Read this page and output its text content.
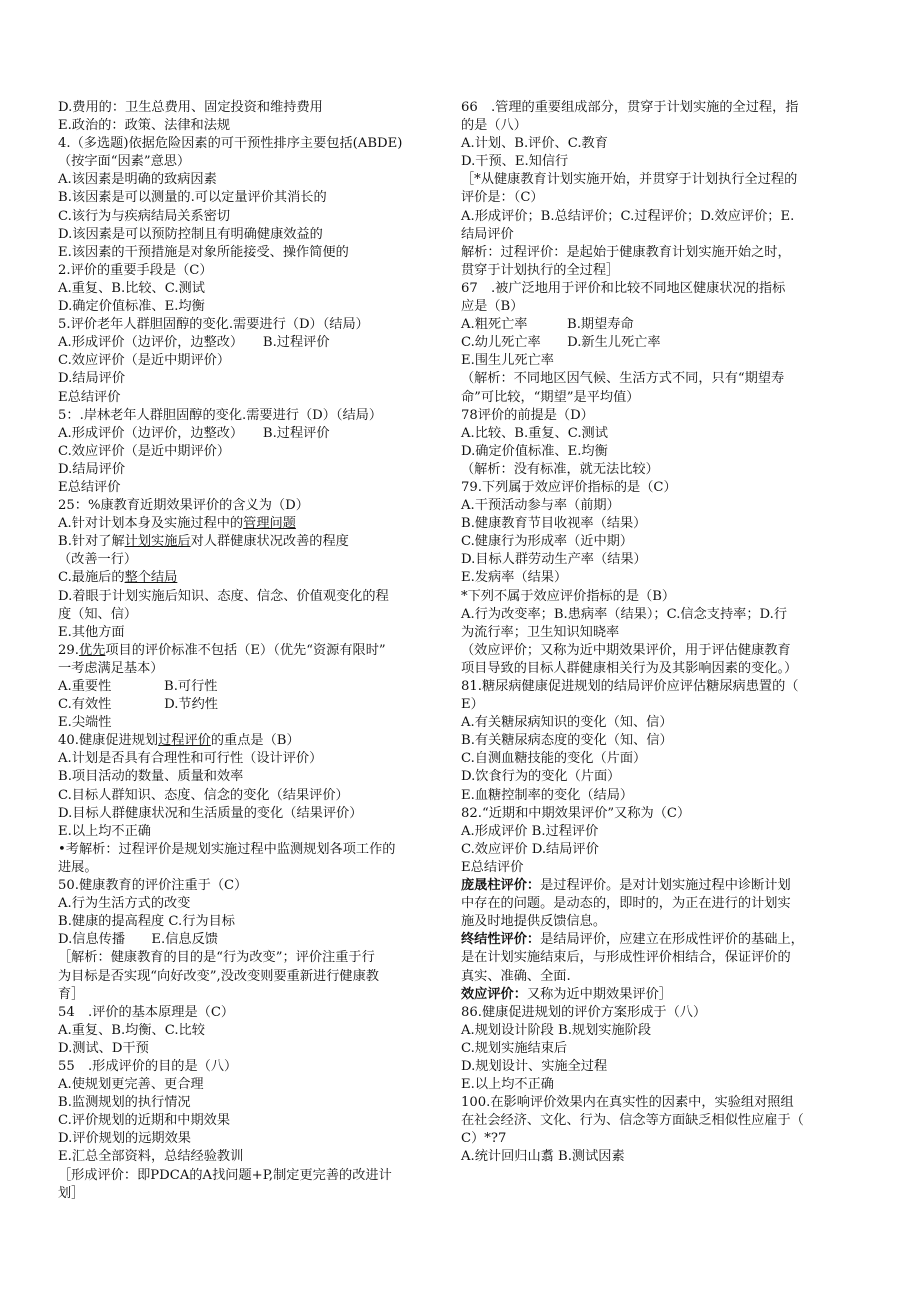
D.费用的：卫生总费用、固定投资和维持费用
E.政治的：政策、法律和法规
4.（多选题)依据危险因素的可干预性排序主要包括(ABDE)
（按字面“因素”意思）
A.该因素是明确的致病因素
B.该因素是可以测量的.可以定量评价其消长的
C.该行为与疾病结局关系密切
D.该因素是可以预防控制且有明确健康效益的
E.该因素的干预措施是对象所能接受、操作简便的
2.评价的重要手段是（C）
A.重复、B.比较、C.测试
D.确定价值标准、E.均衡
5.评价老年人群胆固醇的变化.需要进行（D）（结局）
A.形成评价（边评价，边整改）　　B.过程评价
C.效应评价（是近中期评价）
D.结局评价
E总结评价
5：.岸林老年人群胆固醇的变化.需要进行（D）（结局）
A.形成评价（边评价，边整改）　　B.过程评价
C.效应评价（是近中期评价）
D.结局评价
E总结评价
25：%康教育近期效果评价的含义为（D）
A.针对计划本身及实施过程中的管理问题
B.针对了解计划实施后对人群健康状况改善的程度
（改善一行）
C.最施后的整个结局
D.着眼于计划实施后知识、态度、信念、价值观变化的程
度（知、信）
E.其他方面
29.优先项目的评价标准不包括（E）（优先“资源有限时”
一考虑满足基本）
A.重要性　　　　B.可行性
C.有效性　　　　D.节约性
E.尖端性
40.健康促进规划过程评价的重点是（B）
A.计划是否具有合理性和可行性（设计评价）
B.项目活动的数量、质量和效率
C.目标人群知识、态度、信念的变化（结果评价）
D.目标人群健康状况和生活质量的变化（结果评价）
E.以上均不正确
•考解析：过程评价是规划实施过程中监测规划各项工作的
进展。
50.健康教育的评价注重于（C）
A.行为生活方式的改变
B.健康的提高程度 C.行为目标
D.信息传播　　E.信息反馈
［解析：健康教育的目的是“行为改变”；评价注重于行
为目标是否实现“向好改变”,没改变则要重新进行健康教
育］
54　.评价的基本原理是（C）
A.重复、B.均衡、C.比较
D.测试、D干预
55　.形成评价的目的是（八）
A.使规划更完善、更合理
B.监测规划的执行情况
C.评价规划的近期和中期效果
D.评价规划的远期效果
E.汇总全部资料，总结经验教训
［形成评价：即PDCA的A找问题+P,制定更完善的改进计
划］
66　.管理的重要组成部分，贯穿于计划实施的全过程，指
的是（八）
A.计划、B.评价、C.教育
D.干预、E.知信行
［*从健康教育计划实施开始，并贯穿于计划执行全过程的
评价是：（C）
A.形成评价；B.总结评价；C.过程评价；D.效应评价；E.
结局评价
解析：过程评价：是起始于健康教育计划实施开始之时，
贯穿于计划执行的全过程］
67　.被广泛地用于评价和比较不同地区健康状况的指标
应是（B）
A.粗死亡率　　　B.期望寿命
C.幼儿死亡率　　D.新生儿死亡率
E.围生儿死亡率
（解析：不同地区因气候、生活方式不同，只有“期望寿
命”可比较，“期望”是平均值）
78评价的前提是（D）
A.比较、B.重复、C.测试
D.确定价值标准、E.均衡
（解析：没有标准，就无法比较）
79.下列属于效应评价指标的是（C）
A.干预活动参与率（前期）
B.健康教育节目收视率（结果）
C.健康行为形成率（近中期）
D.目标人群劳动生产率（结果）
E.发病率（结果）
*下列不属于效应评价指标的是（B）
A.行为改变率；B.患病率（结果）；C.信念支持率；D.行
为流行率；卫生知识知晓率
（效应评价；又称为近中期效果评价，用于评估健康教育
项目导致的目标人群健康相关行为及其影响因素的变化。）
81.糖尿病健康促进规划的结局评价应评估糖尿病患置的（
E）
A.有关糖尿病知识的变化（知、信）
B.有关糖尿病态度的变化（知、信）
C.自测血糖技能的变化（片面）
D.饮食行为的变化（片面）
E.血糖控制率的变化（结局）
82.“近期和中期效果评价”又称为（C）
A.形成评价 B.过程评价
C.效应评价 D.结局评价
E总结评价
庞晟柱评价：是过程评价。是对计划实施过程中诊断计划
中存在的问题。是动态的，即时的，为正在进行的计划实
施及时地提供反馈信息。
终结性评价：是结局评价，应建立在形成性评价的基础上，
是在计划实施结束后，与形成性评价相结合，保证评价的
真实、准确、全面.
效应评价：又称为近中期效果评价］
86.健康促进规划的评价方案形成于（八）
A.规划设计阶段 B.规划实施阶段
C.规划实施结束后
D.规划设计、实施全过程
E.以上均不正确
100.在影响评价效果内在真实性的因素中，实验组对照组
在社会经济、文化、行为、信念等方面缺乏相似性应雇于（
C）*?7
A.统计回归山翥 B.测试因素
